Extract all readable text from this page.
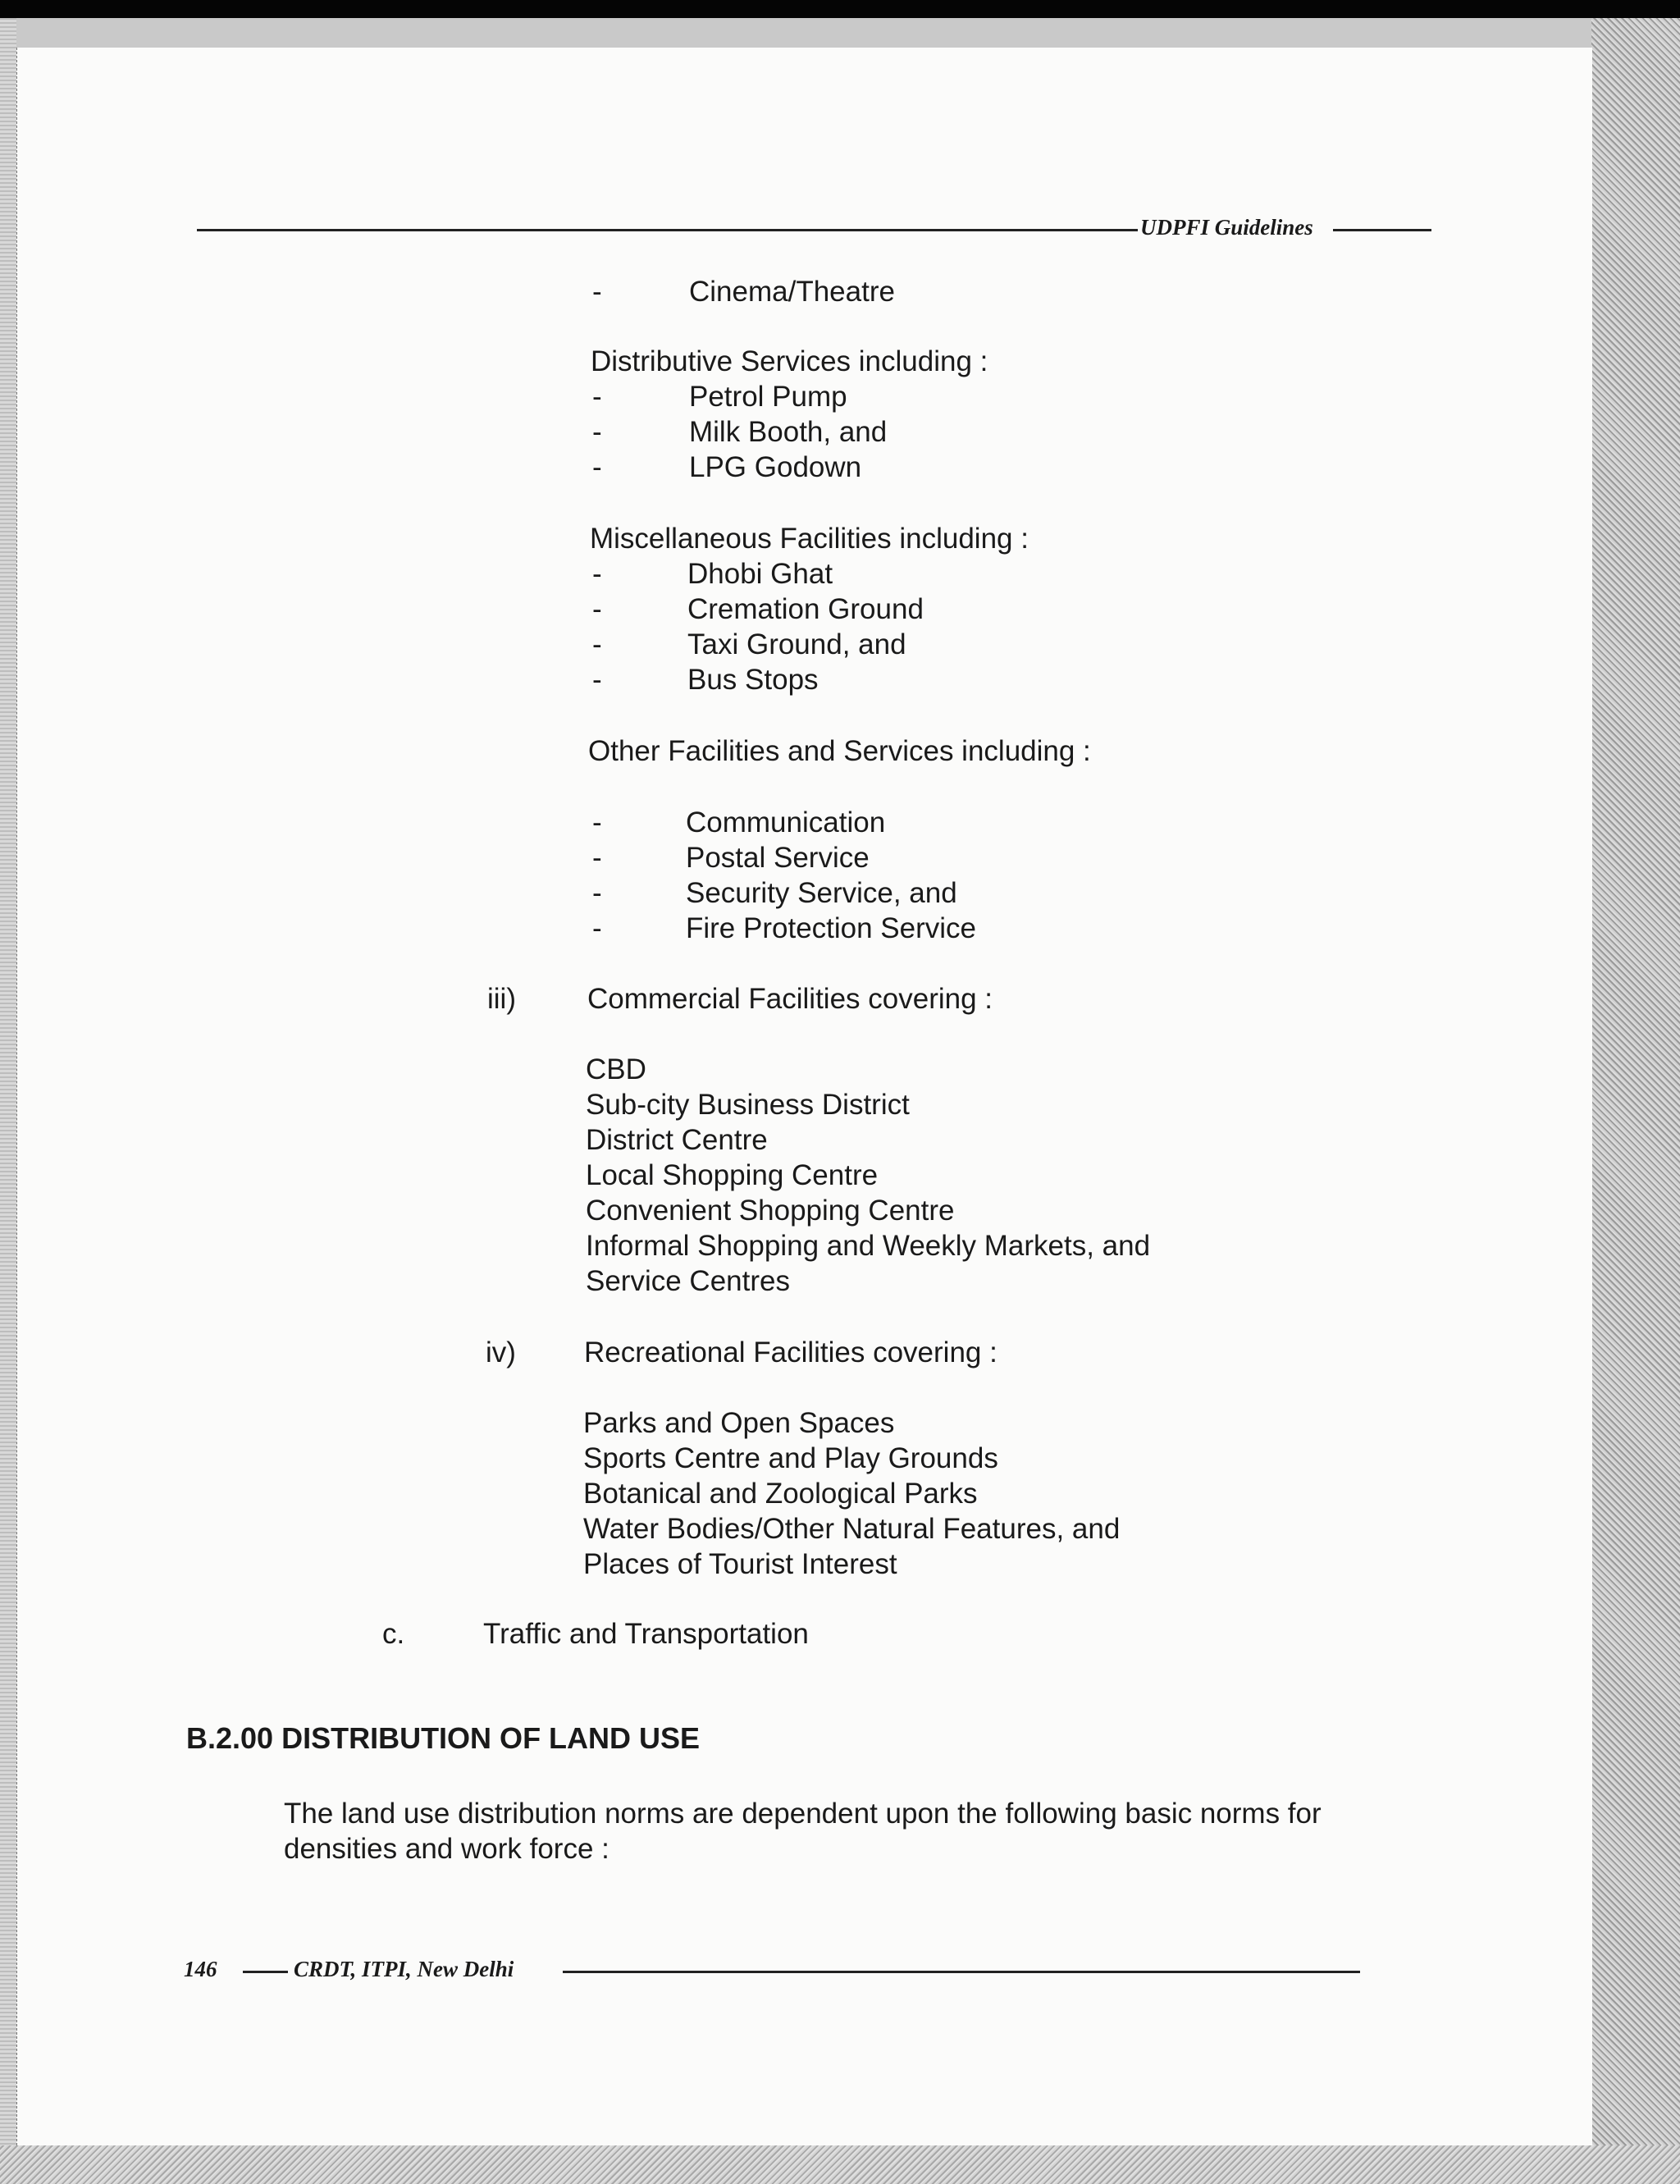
UDPFI Guidelines
-	Cinema/Theatre
Distributive Services including :
-	Petrol Pump
-	Milk Booth, and
-	LPG Godown
Miscellaneous Facilities including :
-	Dhobi Ghat
-	Cremation Ground
-	Taxi Ground, and
-	Bus Stops
Other Facilities and Services including :
-	Communication
-	Postal Service
-	Security Service, and
-	Fire Protection Service
iii) Commercial Facilities covering :
CBD
Sub-city Business District
District Centre
Local Shopping Centre
Convenient Shopping Centre
Informal Shopping and Weekly Markets, and
Service Centres
iv) Recreational Facilities covering :
Parks and Open Spaces
Sports Centre and Play Grounds
Botanical and Zoological Parks
Water Bodies/Other Natural Features, and
Places of Tourist Interest
c.	Traffic and Transportation
B.2.00 DISTRIBUTION OF LAND USE
The land use distribution norms are dependent upon the following basic norms for
densities and work force :
146	CRDT, ITPI, New Delhi
